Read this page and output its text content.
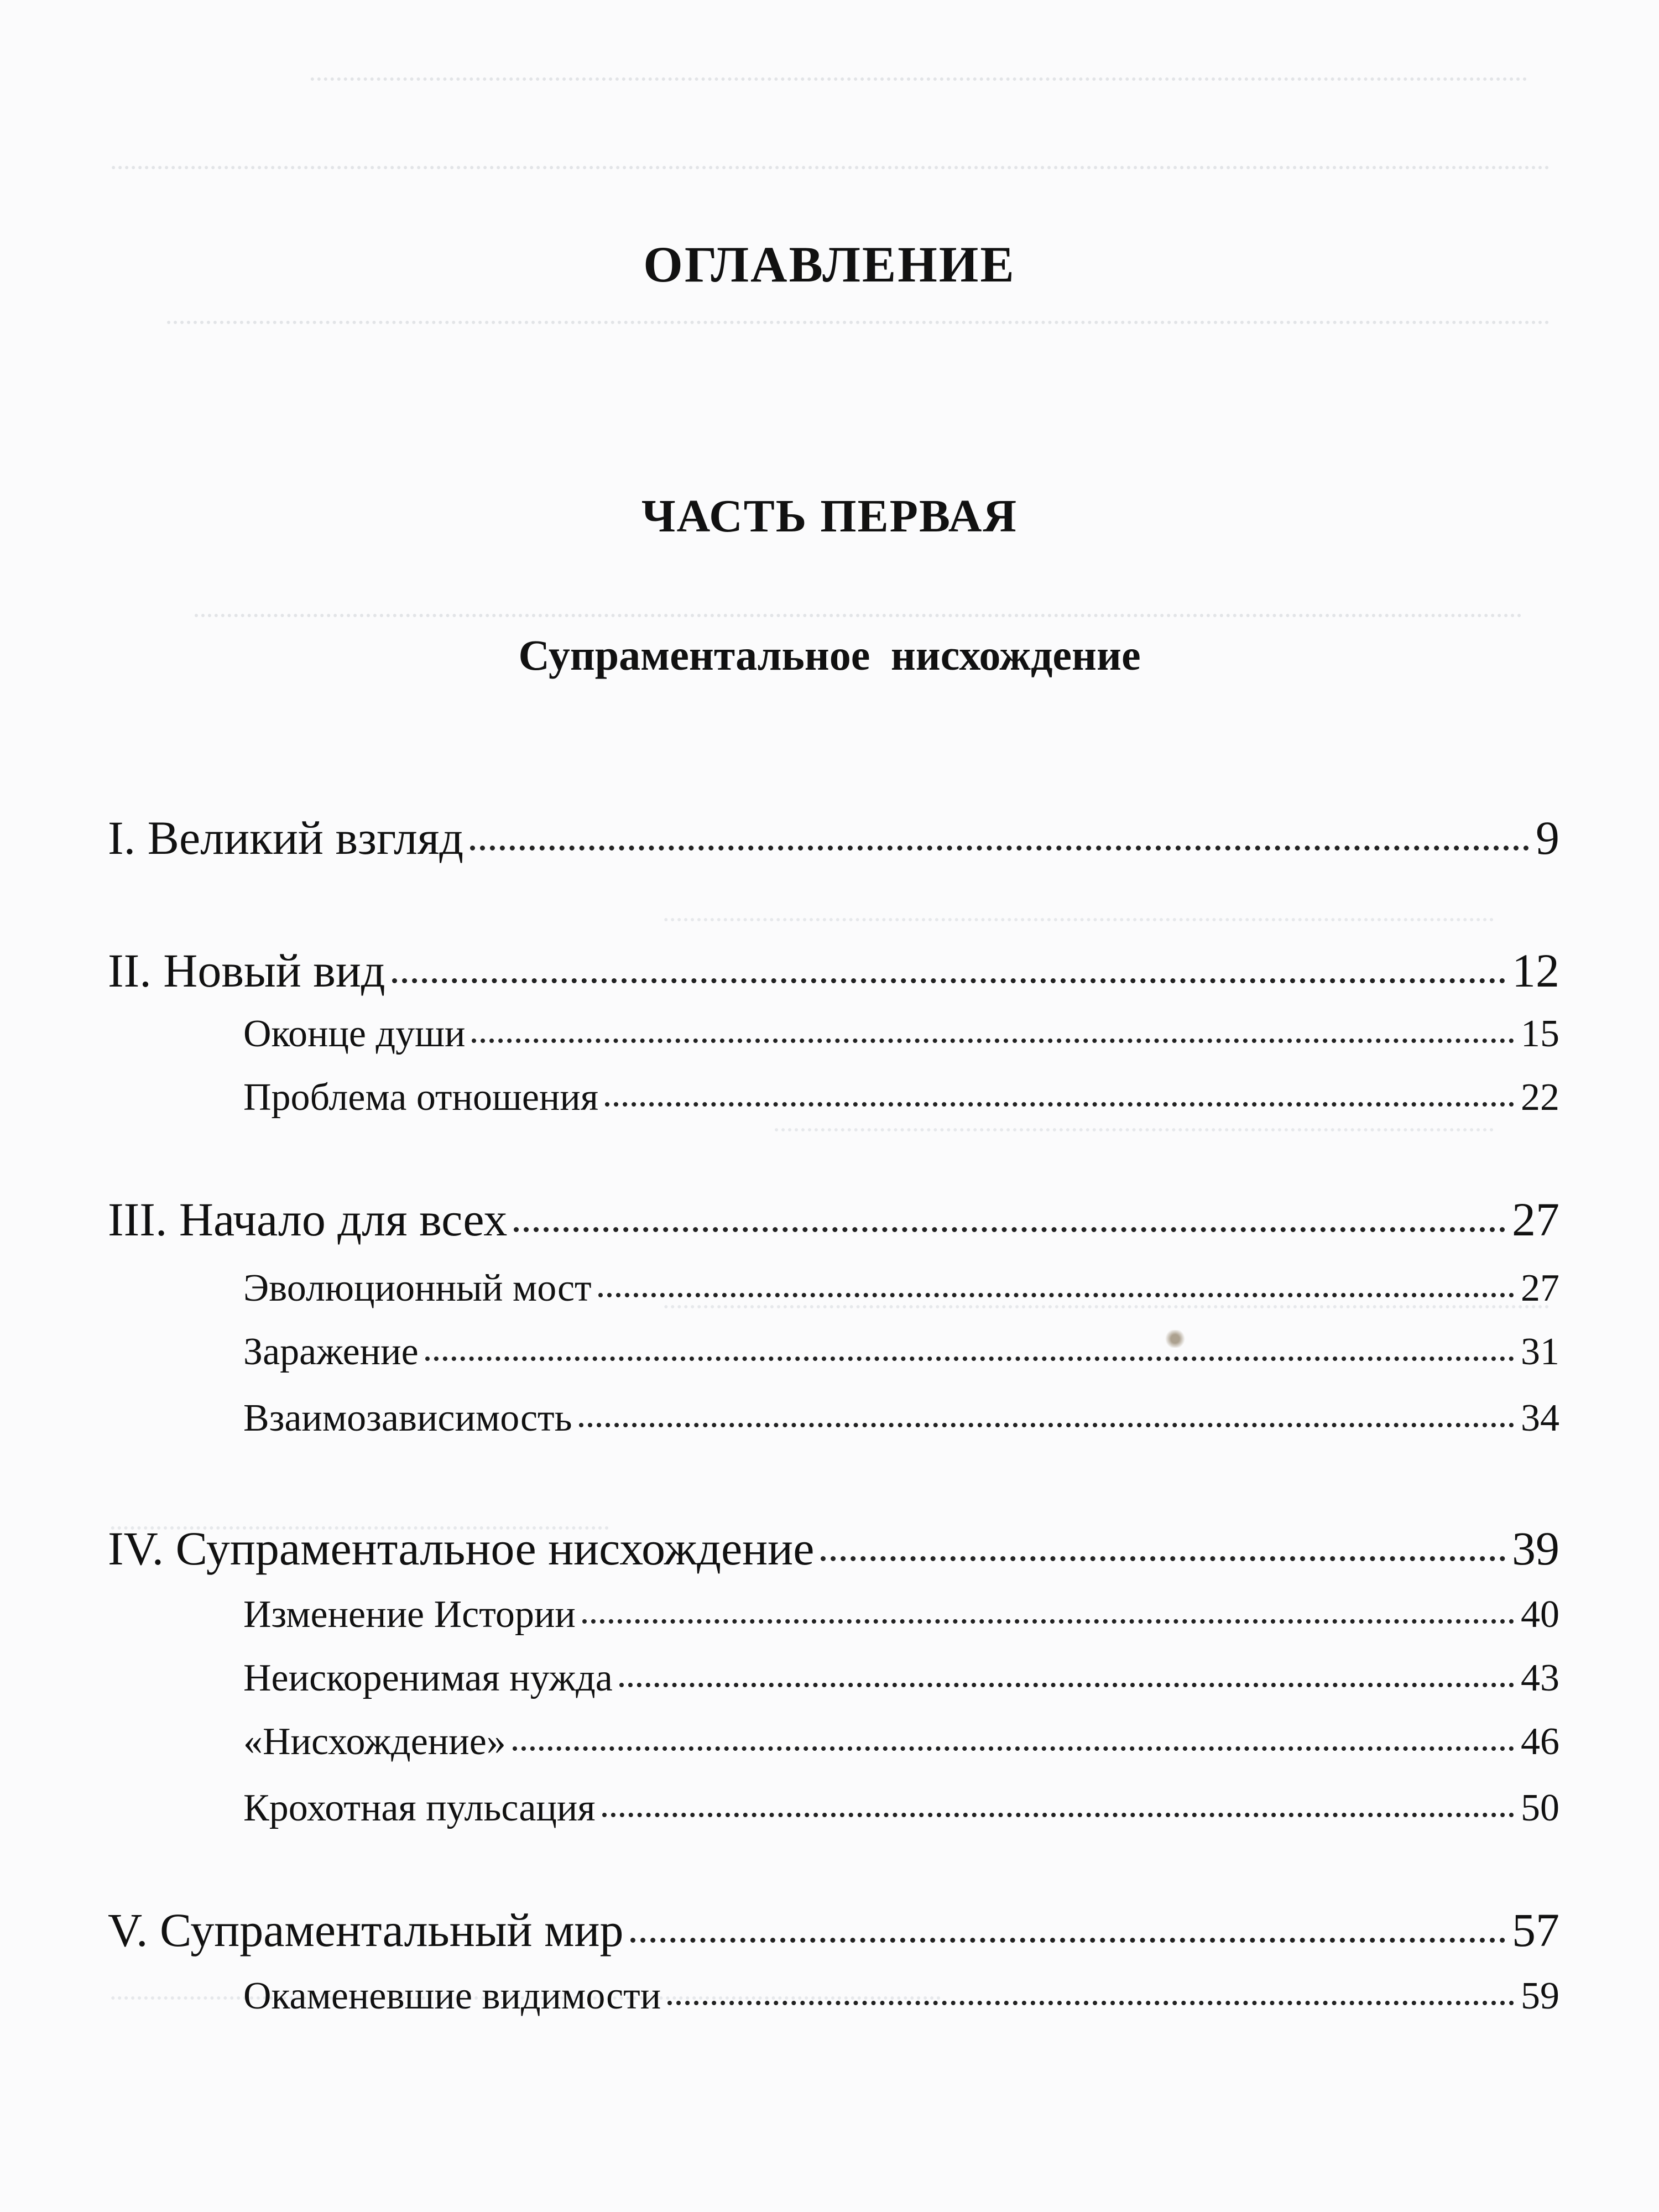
ОГЛАВЛЕНИЕ
ЧАСТЬ ПЕРВАЯ
Супраментальное нисхождение
I. Великий взгляд	9
II. Новый вид	12
Оконце души	15
Проблема отношения	22
III. Начало для всех	27
Эволюционный мост	27
Заражение	31
Взаимозависимость	34
IV. Супраментальное нисхождение	39
Изменение Истории	40
Неискоренимая нужда	43
«Нисхождение»	46
Крохотная пульсация	50
V. Супраментальный мир	57
Окаменевшие видимости	59
